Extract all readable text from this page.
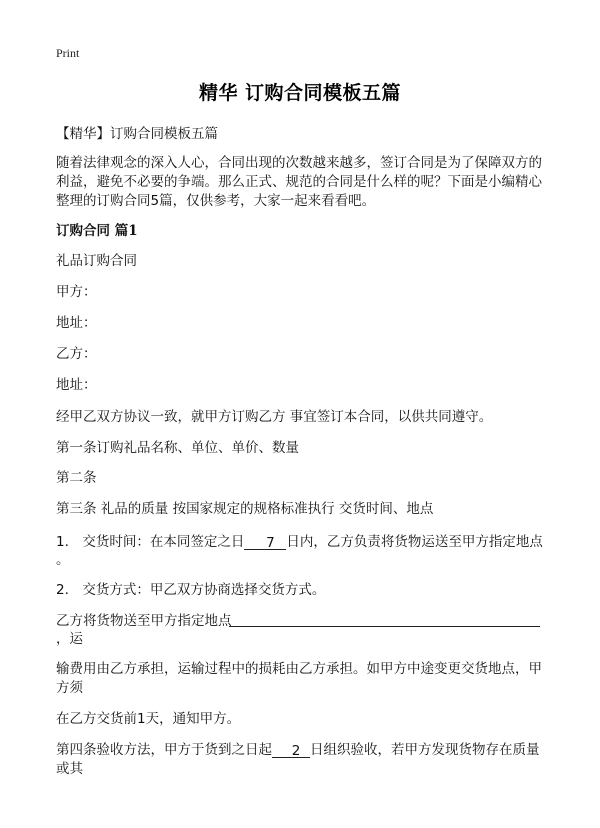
Print
精华 订购合同模板五篇
【精华】订购合同模板五篇
随着法律观念的深入人心，合同出现的次数越来越多，签订合同是为了保障双方的
利益，避免不必要的争端。那么正式、规范的合同是什么样的呢？下面是小编精心
整理的订购合同5篇，仅供参考，大家一起来看看吧。
订购合同 篇1
礼品订购合同
甲方：
地址：
乙方：
地址：
经甲乙双方协议一致，就甲方订购乙方 事宜签订本合同，以供共同遵守。
第一条订购礼品名称、单位、单价、数量
第二条
第三条 礼品的质量 按国家规定的规格标准执行 交货时间、地点
1.　交货时间：在本同签定之日 7 日内，乙方负责将货物运送至甲方指定地点
。
2.　交货方式：甲乙双方协商选择交货方式。
乙方将货物送至甲方指定地点
，运
输费用由乙方承担，运输过程中的损耗由乙方承担。如甲方中途变更交货地点，甲
方须
在乙方交货前1天，通知甲方。
第四条验收方法，甲方于货到之日起 2 日组织验收，若甲方发现货物存在质量
或其
